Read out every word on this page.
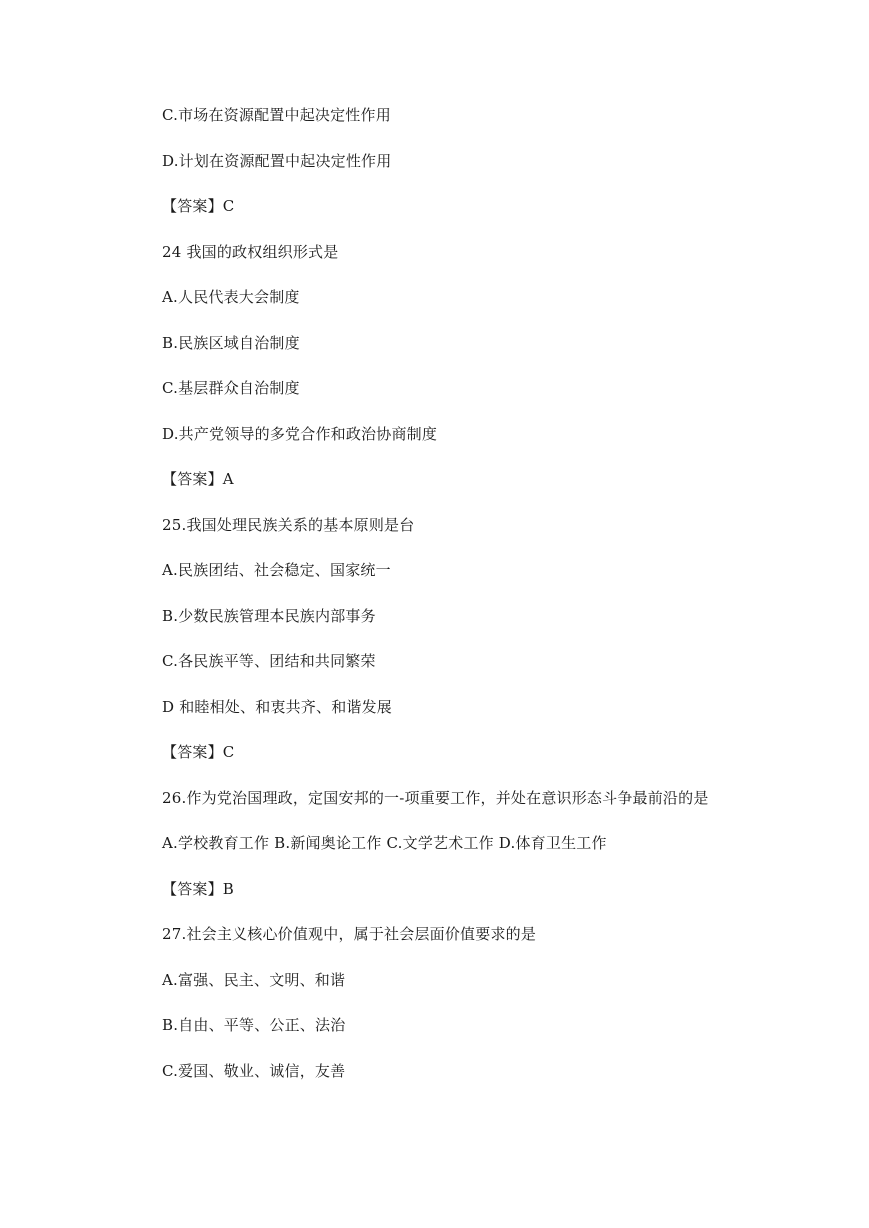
C.市场在资源配置中起决定性作用
D.计划在资源配置中起决定性作用
【答案】C
24 我国的政权组织形式是
A.人民代表大会制度
B.民族区域自治制度
C.基层群众自治制度
D.共产党领导的多党合作和政治协商制度
【答案】A
25.我国处理民族关系的基本原则是台
A.民族团结、社会稳定、国家统一
B.少数民族管理本民族内部事务
C.各民族平等、团结和共同繁荣
D 和睦相处、和衷共齐、和谐发展
【答案】C
26.作为党治国理政，定国安邦的一-项重要工作，并处在意识形态斗争最前沿的是
A.学校教育工作 B.新闻奥论工作 C.文学艺术工作 D.体育卫生工作
【答案】B
27.社会主义核心价值观中，属于社会层面价值要求的是
A.富强、民主、文明、和谐
B.自由、平等、公正、法治
C.爱国、敬业、诚信，友善
